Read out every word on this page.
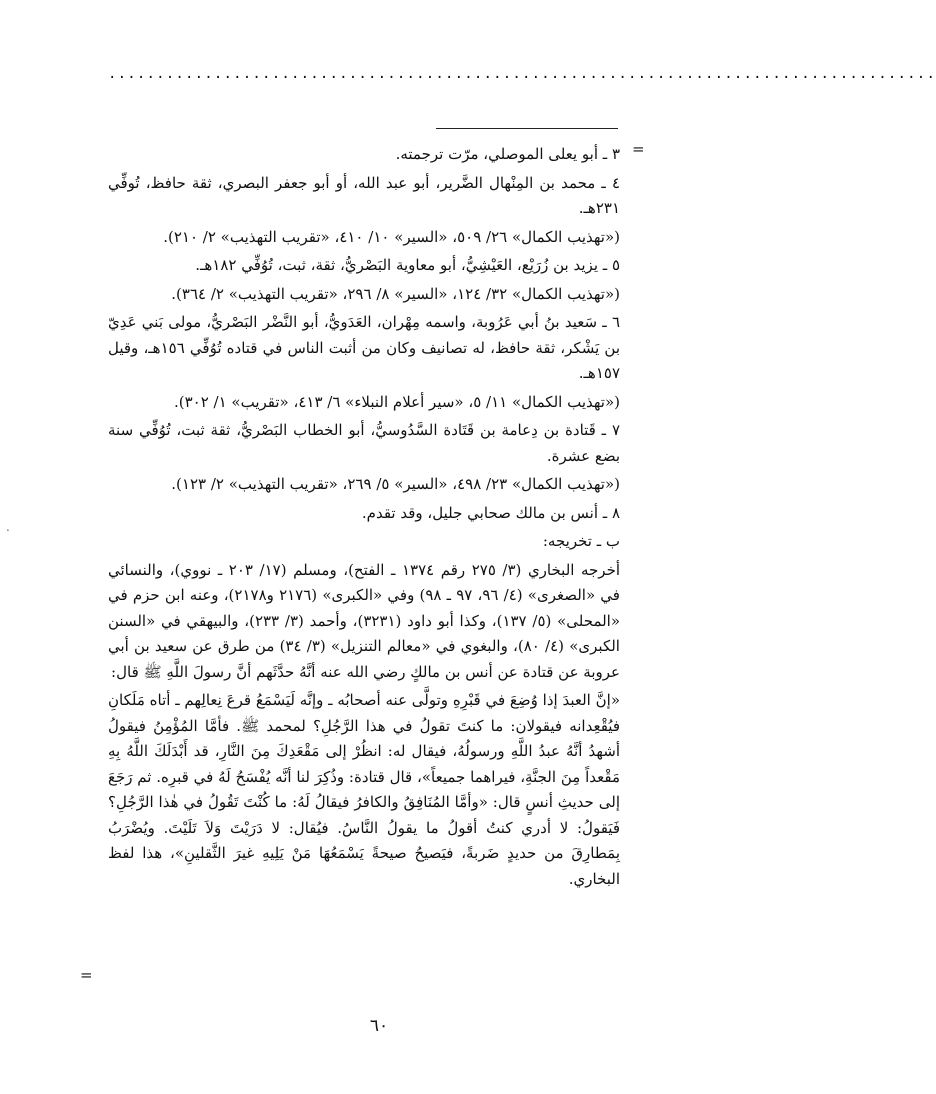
......................................................................................
=
.

٣ ـ أبو يعلى الموصلي، مرّت ترجمته.

٤ ـ محمد بن المِنْهال الضَّرير، أبو عبد الله، أو أبو جعفر البصري، ثقة حافظ، تُوفِّي ٢٣١هـ.

(«تهذيب الكمال» ٢٦/ ٥٠٩، «السير» ١٠/ ٤١٠، «تقريب التهذيب» ٢/ ٢١٠).

٥ ـ يزيد بن زُرَيْع، العَيْشِيُّ، أبو معاوية البَصْريُّ، ثقة، ثبت، تُوُفِّي ١٨٢هـ.

(«تهذيب الكمال» ٣٢/ ١٢٤، «السير» ٨/ ٢٩٦، «تقريب التهذيب» ٢/ ٣٦٤).

٦ ـ سَعيد بنُ أبي عَرُوبة، واسمه مِهْران، العَدَويُّ، أبو النَّضْر البَصْريُّ، مولى بَني عَدِيّ بن يَشْكر، ثقة حافظ، له تصانيف وكان من أثبت الناس في قتاده تُوُفِّي ١٥٦هـ، وقيل ١٥٧هـ.

(«تهذيب الكمال» ١١/ ٥، «سير أعلام النبلاء» ٦/ ٤١٣، «تقريب» ١/ ٣٠٢).

٧ ـ قَتادة بن دِعامة بن قَتَادة السَّدُوسيُّ، أبو الخطاب البَصْريُّ، ثقة ثبت، تُوُفِّي سنة بضع عشرة.

(«تهذيب الكمال» ٢٣/ ٤٩٨، «السير» ٥/ ٢٦٩، «تقريب التهذيب» ٢/ ١٢٣).

٨ ـ أنس بن مالك صحابي جليل، وقد تقدم.

ب ـ تخريجه:

أخرجه البخاري (٣/ ٢٧٥ رقم ١٣٧٤ ـ الفتح)، ومسلم (١٧/ ٢٠٣ ـ نووي)، والنسائي في «الصغرى» (٤/ ٩٦، ٩٧ ـ ٩٨) وفي «الكبرى» (٢١٧٦ و٢١٧٨)، وعنه ابن حزم في «المحلى» (٥/ ١٣٧)، وكذا أبو داود (٣٢٣١)، وأحمد (٣/ ٢٣٣)، والبيهقي في «السنن الكبرى» (٤/ ٨٠)، والبغوي في «معالم التنزيل» (٣/ ٣٤) من طرق عن سعيد بن أبي عروبة عن قتادة عن أنس بن مالكٍ رضي الله عنه أنَّهُ حدَّثَهم أنَّ رسولَ اللَّهِ ﷺ قال:

«إنَّ العبدَ إذا وُضِعَ في قَبْرِهِ وتولَّى عنه أصحابُه ـ وإنَّه لَيَسْمَعُ قرعَ نِعالِهم ـ أتاه مَلَكانِ فيُقْعِدانه فيقولان: ما كنتَ تقولُ في هذا الرَّجُلِ؟ لمحمد ﷺ. فأمَّا المُؤْمِنُ فيقولُ أشهدُ أنَّهُ عبدُ اللَّهِ ورسولُهُ، فيقال له: انظُرْ إلى مَقْعَدِكَ مِنَ النَّارِ، قد أَبْدَلَكَ اللَّهُ بِهِ مَقْعداً مِنَ الجنَّةِ، فيراهما جميعاً»، قال قتادة: وذُكِرَ لنا أنَّه يُفْسَحُ لَهُ في قبرِه. ثم رَجَعَ إلى حديثِ أنسٍ قال: «وأمَّا المُنَافِقُ والكافرُ فيقالُ لَهُ: ما كُنْتَ تَقُولُ في هٰذا الرَّجُلِ؟ فَيَقولُ: لا أدري كنتُ أقولُ ما يقولُ النَّاسُ. فيُقال: لا دَرَيْتَ وَلاَ تَلَيْتَ. ويُضْرَبُ بِمَطارِقَ من حديدٍ ضَربةً، فيَصيحُ صيحةً يَسْمَعُهَا مَنْ يَلِيهِ غيرَ الثَّقلينِ»، هذا لفظ البخاري.

=
٦٠
